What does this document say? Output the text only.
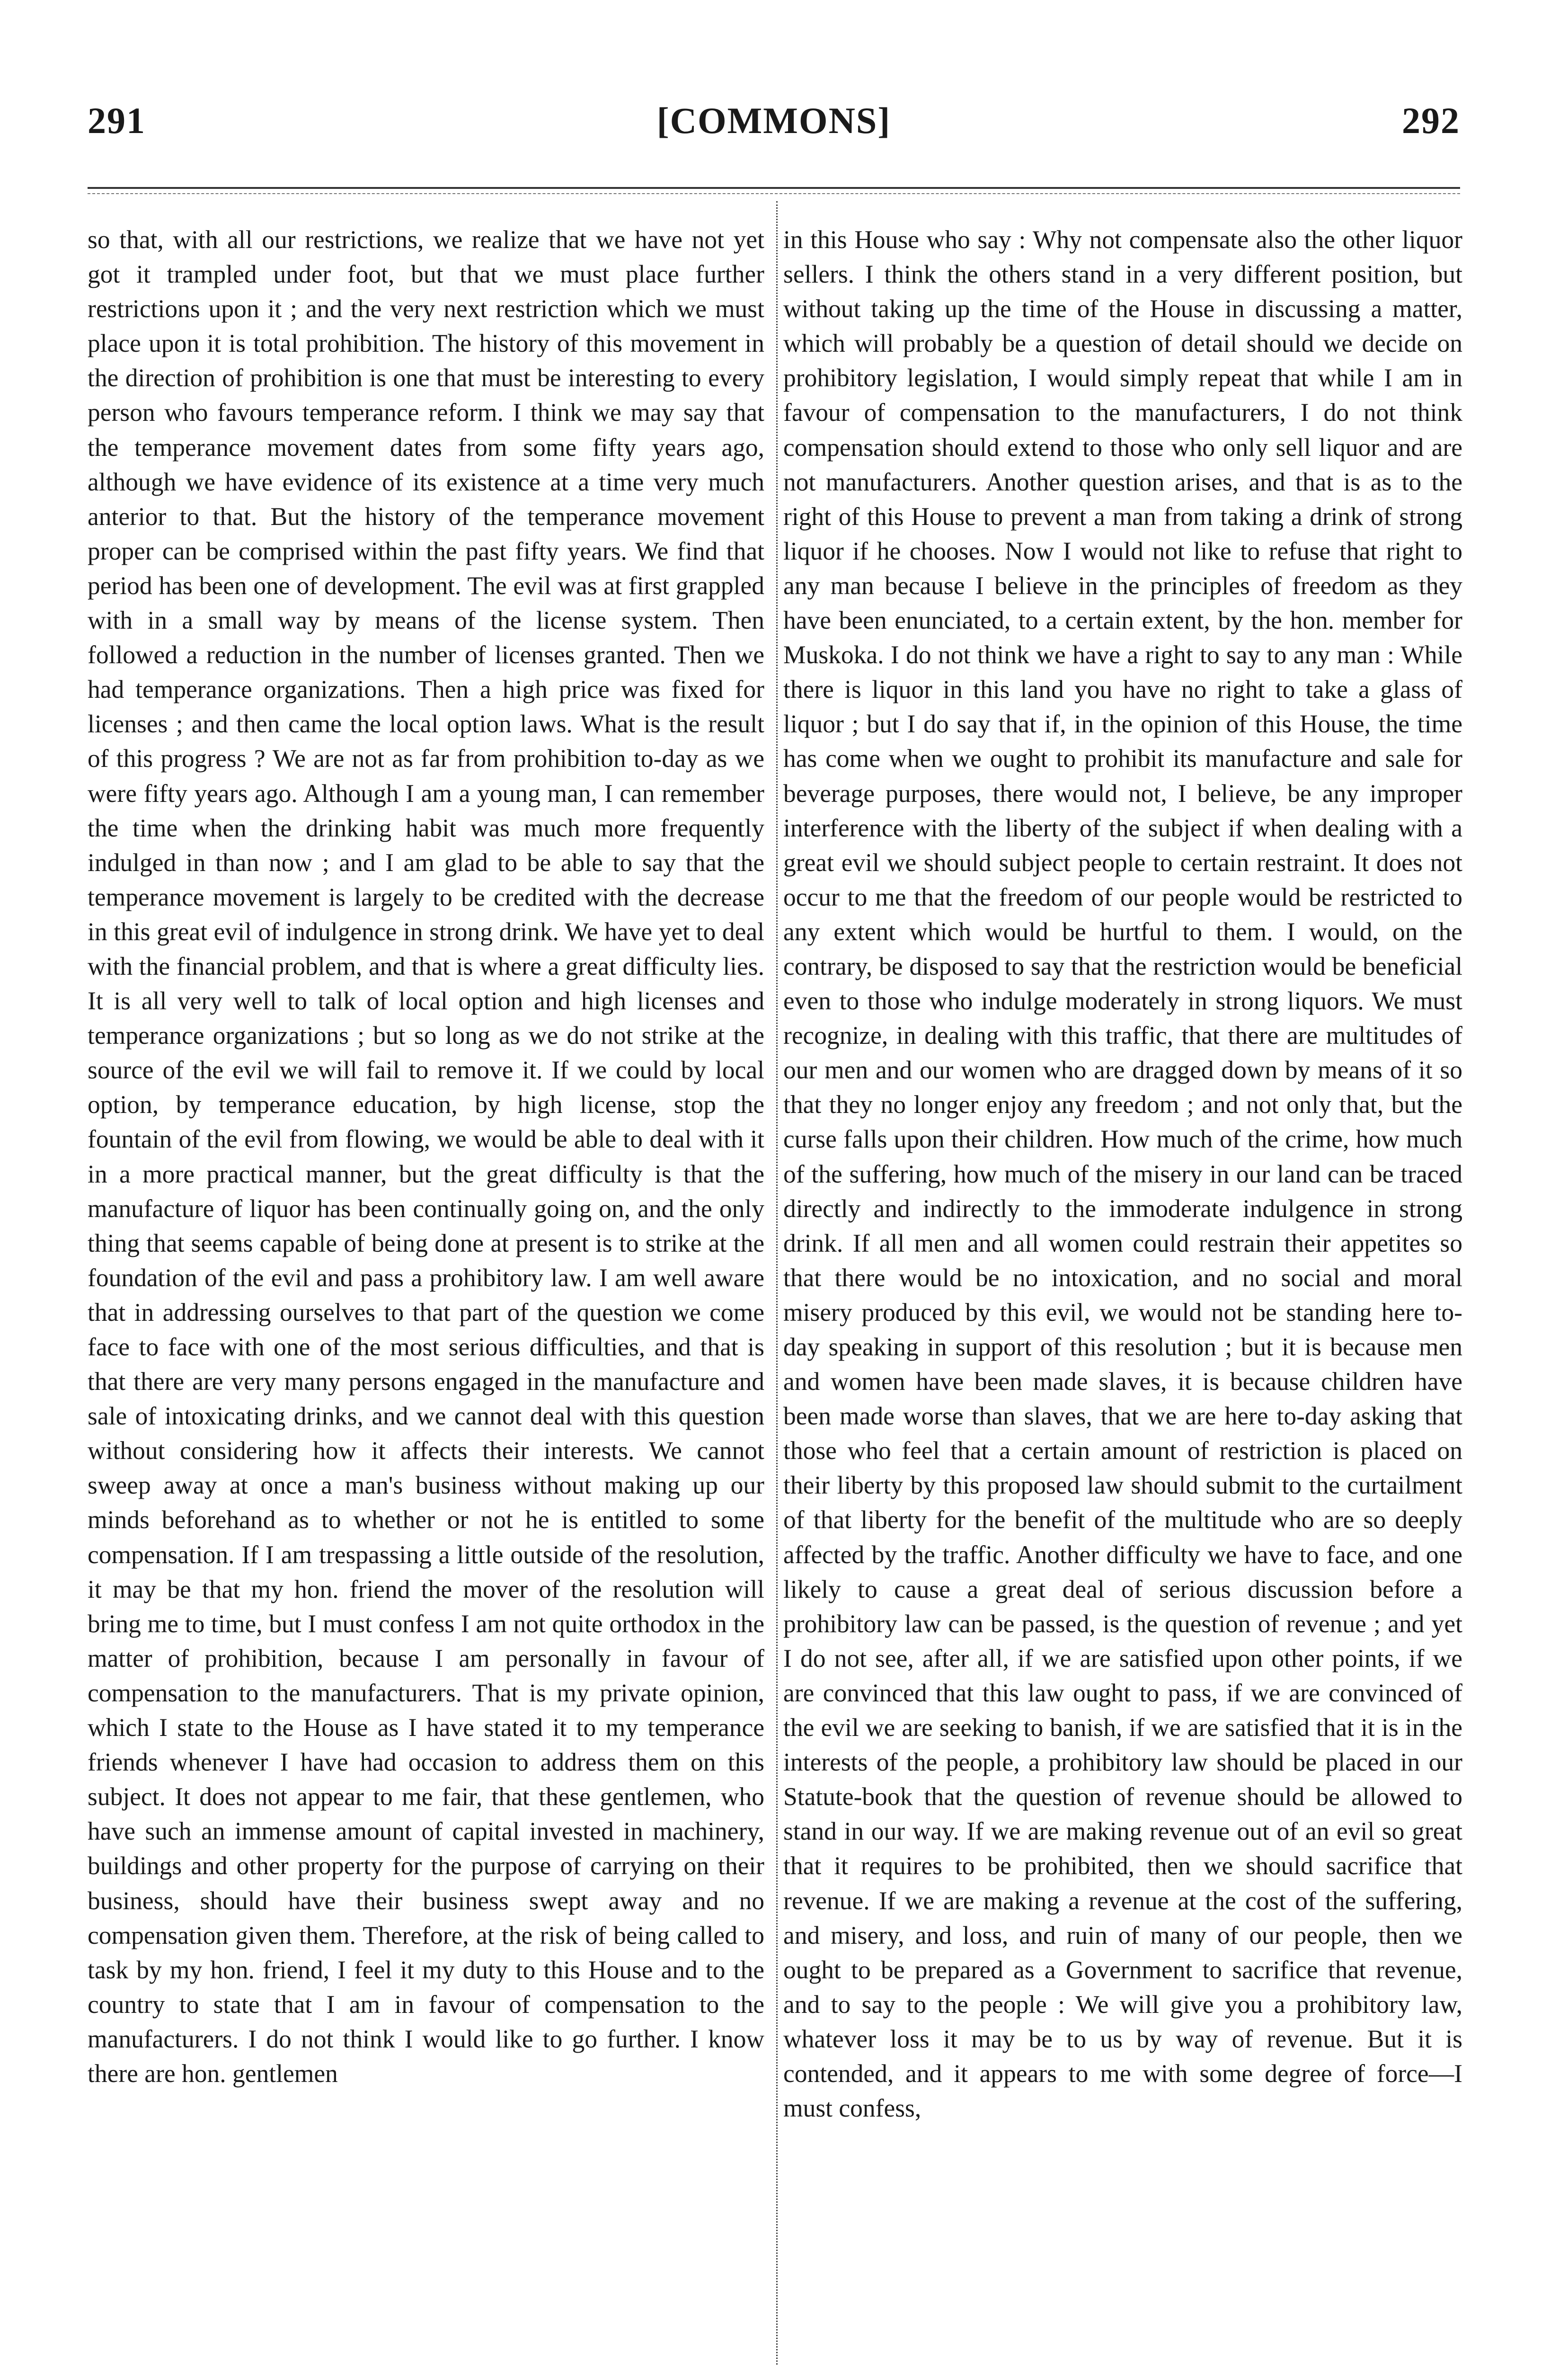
291	[COMMONS]	292

so that, with all our restrictions, we realize that we have not yet got it trampled under foot, but that we must place further restrictions upon it ; and the very next restriction which we must place upon it is total prohibition. The history of this movement in the direction of prohibition is one that must be interesting to every person who favours temperance reform. I think we may say that the temperance movement dates from some fifty years ago, although we have evidence of its existence at a time very much anterior to that. But the history of the temperance movement proper can be comprised within the past fifty years. We find that period has been one of development. The evil was at first grappled with in a small way by means of the license system. Then followed a reduction in the number of licenses granted. Then we had temperance organizations. Then a high price was fixed for licenses ; and then came the local option laws. What is the result of this progress ? We are not as far from prohibition to-day as we were fifty years ago. Although I am a young man, I can remember the time when the drinking habit was much more frequently indulged in than now ; and I am glad to be able to say that the temperance movement is largely to be credited with the decrease in this great evil of indulgence in strong drink. We have yet to deal with the financial problem, and that is where a great difficulty lies. It is all very well to talk of local option and high licenses and temperance organizations ; but so long as we do not strike at the source of the evil we will fail to remove it. If we could by local option, by temperance education, by high license, stop the fountain of the evil from flowing, we would be able to deal with it in a more practical manner, but the great difficulty is that the manufacture of liquor has been continually going on, and the only thing that seems capable of being done at present is to strike at the foundation of the evil and pass a prohibitory law. I am well aware that in addressing ourselves to that part of the question we come face to face with one of the most serious difficulties, and that is that there are very many persons engaged in the manufacture and sale of intoxicating drinks, and we cannot deal with this question without considering how it affects their interests. We cannot sweep away at once a man's business without making up our minds beforehand as to whether or not he is entitled to some compensation. If I am trespassing a little outside of the resolution, it may be that my hon. friend the mover of the resolution will bring me to time, but I must confess I am not quite orthodox in the matter of prohibition, because I am personally in favour of compensation to the manufacturers. That is my private opinion, which I state to the House as I have stated it to my temperance friends whenever I have had occasion to address them on this subject. It does not appear to me fair, that these gentlemen, who have such an immense amount of capital invested in machinery, buildings and other property for the purpose of carrying on their business, should have their business swept away and no compensation given them. Therefore, at the risk of being called to task by my hon. friend, I feel it my duty to this House and to the country to state that I am in favour of compensation to the manufacturers. I do not think I would like to go further. I know there are hon. gentlemen

in this House who say : Why not compensate also the other liquor sellers. I think the others stand in a very different position, but without taking up the time of the House in discussing a matter, which will probably be a question of detail should we decide on prohibitory legislation, I would simply repeat that while I am in favour of compensation to the manufacturers, I do not think compensation should extend to those who only sell liquor and are not manufacturers. Another question arises, and that is as to the right of this House to prevent a man from taking a drink of strong liquor if he chooses. Now I would not like to refuse that right to any man because I believe in the principles of freedom as they have been enunciated, to a certain extent, by the hon. member for Muskoka. I do not think we have a right to say to any man : While there is liquor in this land you have no right to take a glass of liquor ; but I do say that if, in the opinion of this House, the time has come when we ought to prohibit its manufacture and sale for beverage purposes, there would not, I believe, be any improper interference with the liberty of the subject if when dealing with a great evil we should subject people to certain restraint. It does not occur to me that the freedom of our people would be restricted to any extent which would be hurtful to them. I would, on the contrary, be disposed to say that the restriction would be beneficial even to those who indulge moderately in strong liquors. We must recognize, in dealing with this traffic, that there are multitudes of our men and our women who are dragged down by means of it so that they no longer enjoy any freedom ; and not only that, but the curse falls upon their children. How much of the crime, how much of the suffering, how much of the misery in our land can be traced directly and indirectly to the immoderate indulgence in strong drink. If all men and all women could restrain their appetites so that there would be no intoxication, and no social and moral misery produced by this evil, we would not be standing here to-day speaking in support of this resolution ; but it is because men and women have been made slaves, it is because children have been made worse than slaves, that we are here to-day asking that those who feel that a certain amount of restriction is placed on their liberty by this proposed law should submit to the curtailment of that liberty for the benefit of the multitude who are so deeply affected by the traffic. Another difficulty we have to face, and one likely to cause a great deal of serious discussion before a prohibitory law can be passed, is the question of revenue ; and yet I do not see, after all, if we are satisfied upon other points, if we are convinced that this law ought to pass, if we are convinced of the evil we are seeking to banish, if we are satisfied that it is in the interests of the people, a prohibitory law should be placed in our Statute-book that the question of revenue should be allowed to stand in our way. If we are making revenue out of an evil so great that it requires to be prohibited, then we should sacrifice that revenue. If we are making a revenue at the cost of the suffering, and misery, and loss, and ruin of many of our people, then we ought to be prepared as a Government to sacrifice that revenue, and to say to the people : We will give you a prohibitory law, whatever loss it may be to us by way of revenue. But it is contended, and it appears to me with some degree of force—I must confess,
